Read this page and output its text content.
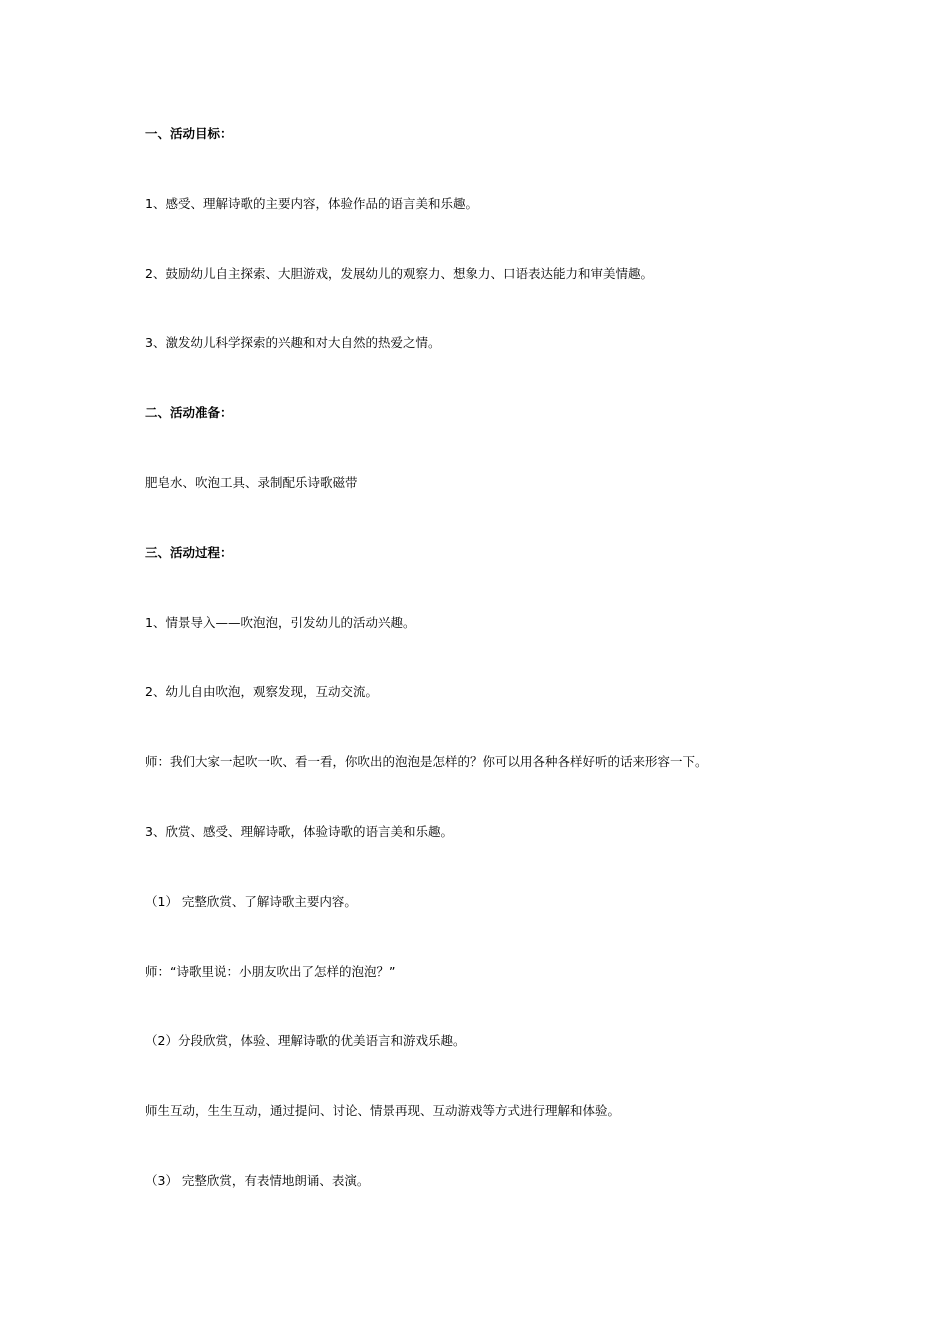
一、活动目标：
1、感受、理解诗歌的主要内容，体验作品的语言美和乐趣。
2、鼓励幼儿自主探索、大胆游戏，发展幼儿的观察力、想象力、口语表达能力和审美情趣。
3、激发幼儿科学探索的兴趣和对大自然的热爱之情。
二、活动准备：
肥皂水、吹泡工具、录制配乐诗歌磁带
三、活动过程：
1、情景导入——吹泡泡，引发幼儿的活动兴趣。
2、幼儿自由吹泡，观察发现，互动交流。
师：我们大家一起吹一吹、看一看，你吹出的泡泡是怎样的？你可以用各种各样好听的话来形容一下。
3、欣赏、感受、理解诗歌，体验诗歌的语言美和乐趣。
（1） 完整欣赏、了解诗歌主要内容。
师：“诗歌里说：小朋友吹出了怎样的泡泡？”
（2）分段欣赏，体验、理解诗歌的优美语言和游戏乐趣。
师生互动，生生互动，通过提问、讨论、情景再现、互动游戏等方式进行理解和体验。
（3） 完整欣赏，有表情地朗诵、表演。
